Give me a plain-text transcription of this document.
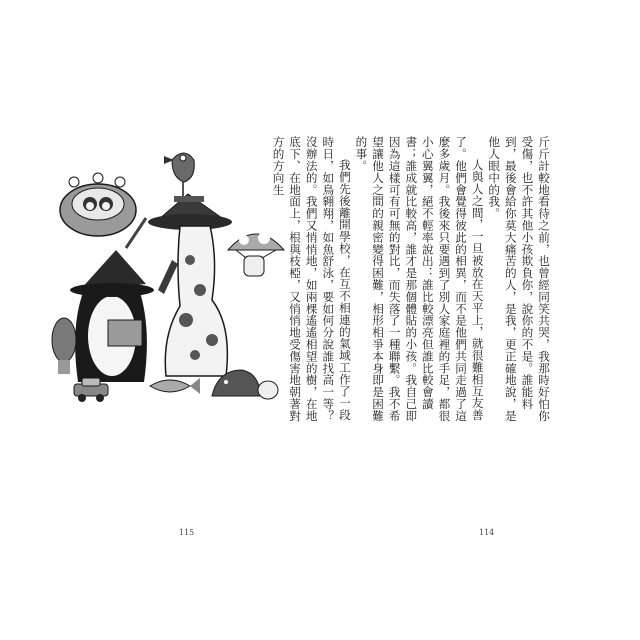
115

斤斤計較地看待之前，也曾經同笑共哭，我那時好怕你受傷，也不許其他小孩欺負你，說你的不是。誰能料到，最後會給你莫大痛苦的人，是我，更正確地說，是他人眼中的我。

人與人之間，一旦被放在天平上，就很難相互友善了。他們會覺得彼此的相異，而不是他們共同走過了這麼多歲月。我後來只要遇到了別人家庭裡的手足，都很小心翼翼，絕不輕率說出：誰比較漂亮但誰比較會讀書；誰成就比較高，誰才是那個體貼的小孩。我自己即因為這樣可有可無的對比，而失落了一種聯繫。我不希望讓他人之間的親密變得困難，相形相爭本身即是困難的事。

我們先後離開學校，在互不相連的氣域工作了一段時日，如鳥翱翔，如魚舒泳，要如何分說誰找高一等？沒辦法的。我們又悄悄地，如兩棵遙遙相望的樹，在地底下、在地面上，根與枝椏，又悄悄地受傷害地朝著對方的方向生

114
